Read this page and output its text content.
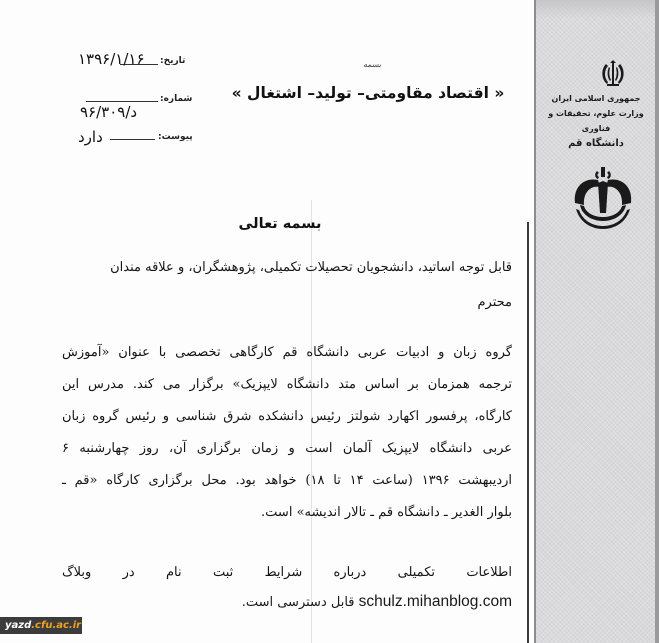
جمهوری اسلامی ایران
وزارت علوم، تحقیقات و فناوری
دانشگاه قم
بسمه
« اقتصاد مقاومتی– تولید– اشتغال »
تاریخ:
۱۳۹۶/۱/۱۶
شماره:
د/۹۶/۳۰۹
پیوست:
دارد
بسمه تعالی
قابل توجه اساتید، دانشجویان تحصیلات تکمیلی، پژوهشگران، و علاقه مندان
محترم
گروه زبان و ادبیات عربی دانشگاه قم کارگاهی تخصصی با عنوان «آموزش
ترجمه همزمان بر اساس متد دانشگاه لایپزیک» برگزار می کند. مدرس این
کارگاه، پرفسور اکهارد شولتز رئیس دانشکده شرق شناسی و رئیس گروه زبان
عربی دانشگاه لایپزیک آلمان است و زمان برگزاری آن، روز چهارشنبه ۶
اردیبهشت ۱۳۹۶ (ساعت ۱۴ تا ۱۸) خواهد بود. محل برگزاری کارگاه «قم ـ
بلوار الغدیر ـ دانشگاه قم ـ تالار اندیشه» است.
اطلاعات تکمیلی درباره شرایط ثبت نام در وبلاگ
schulz.mihanblog.com قابل دسترسی است.
yazd.cfu.ac.ir
